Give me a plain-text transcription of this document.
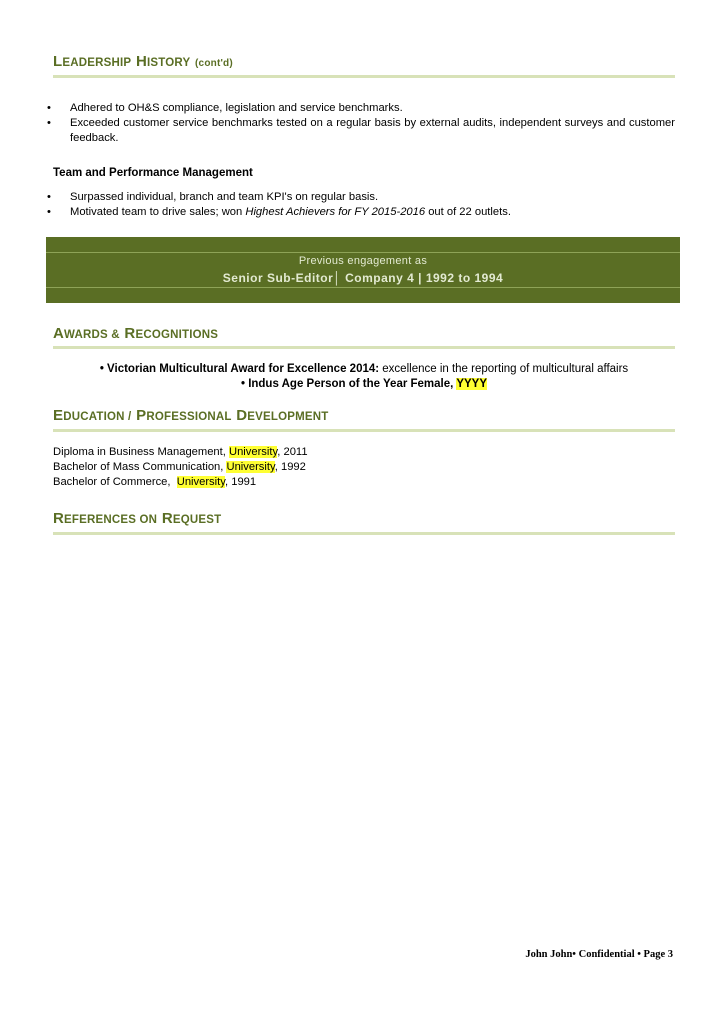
LEADERSHIP HISTORY (cont'd)
• Adhered to OH&S compliance, legislation and service benchmarks.
• Exceeded customer service benchmarks tested on a regular basis by external audits, independent surveys and customer feedback.
Team and Performance Management
• Surpassed individual, branch and team KPI's on regular basis.
• Motivated team to drive sales; won Highest Achievers for FY 2015-2016 out of 22 outlets.
Previous engagement as
Senior Sub-Editor│ Company 4 | 1992 to 1994
AWARDS & RECOGNITIONS
• Victorian Multicultural Award for Excellence 2014: excellence in the reporting of multicultural affairs
• Indus Age Person of the Year Female, YYYY
EDUCATION / PROFESSIONAL DEVELOPMENT
Diploma in Business Management, University, 2011
Bachelor of Mass Communication, University, 1992
Bachelor of Commerce,  University, 1991
REFERENCES ON REQUEST
John John• Confidential • Page 3
